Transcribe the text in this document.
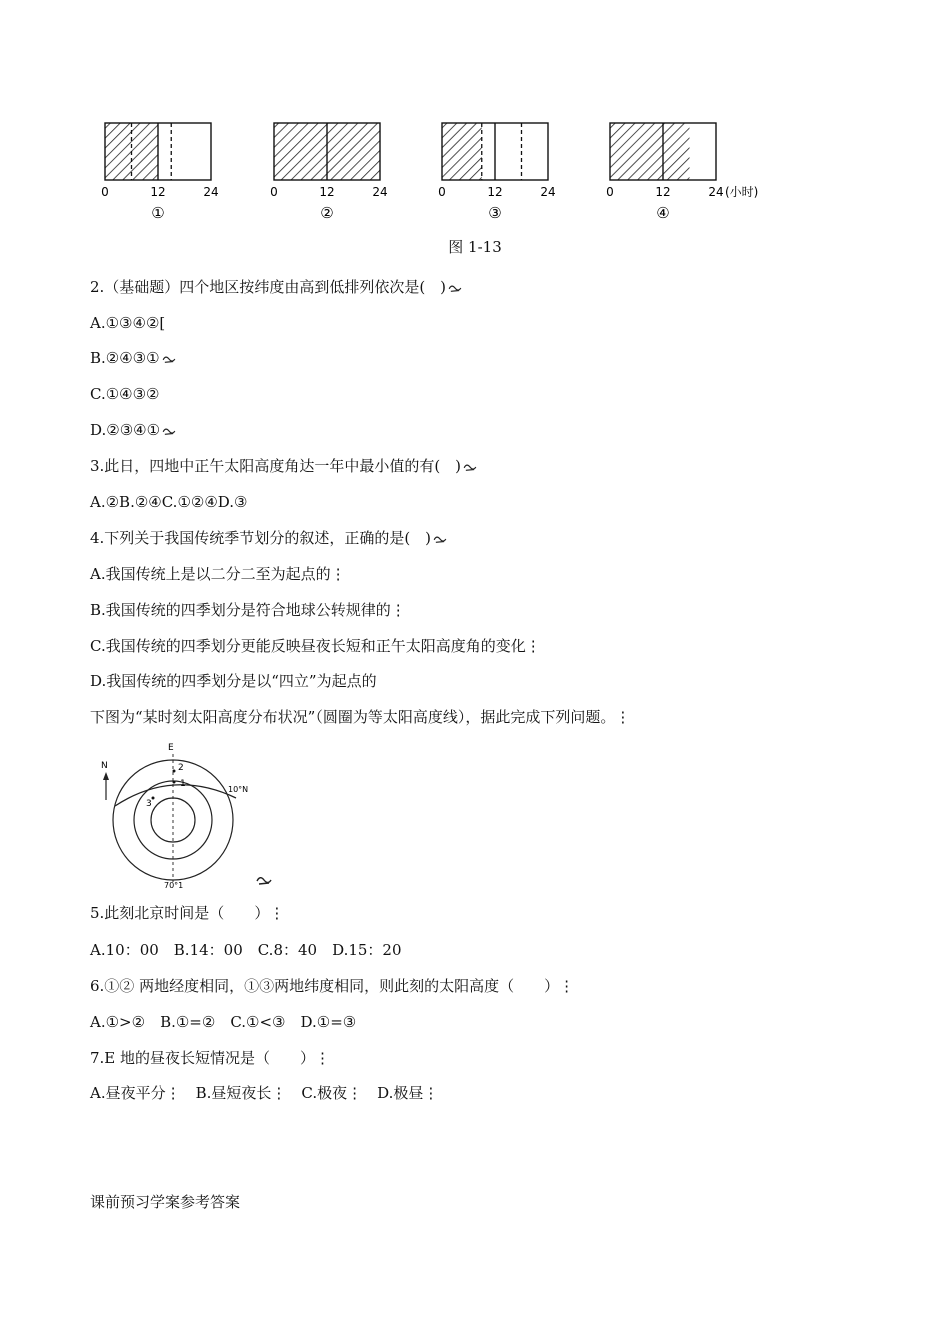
0	12	24
①
0	12	24
②
0	12	24
③
0	12	24
④
(小时)
图 1-13
2.（基础题）四个地区按纬度由高到低排列依次是(　)
A.①③④②[
B.②④③①
C.①④③②
D.②③④①
3.此日，四地中正午太阳高度角达一年中最小值的有(　)
A.②B.②④C.①②④D.③
4.下列关于我国传统季节划分的叙述，正确的是(　)
A.我国传统上是以二分二至为起点的⋮
B.我国传统的四季划分是符合地球公转规律的⋮
C.我国传统的四季划分更能反映昼夜长短和正午太阳高度角的变化⋮
D.我国传统的四季划分是以“四立”为起点的
下图为“某时刻太阳高度分布状况”（圆圈为等太阳高度线），据此完成下列问题。⋮
N
E
2
1
3
10°N
70°1
5.此刻北京时间是（　　）⋮
A.10：00　B.14：00　C.8：40　D.15：20
6.①② 两地经度相同，①③两地纬度相同，则此刻的太阳高度（　　）⋮
A.①>②　B.①=②　C.①<③　D.①=③
7.E 地的昼夜长短情况是（　　）⋮
A.昼夜平分⋮　B.昼短夜长⋮　C.极夜⋮　D.极昼⋮
课前预习学案参考答案
